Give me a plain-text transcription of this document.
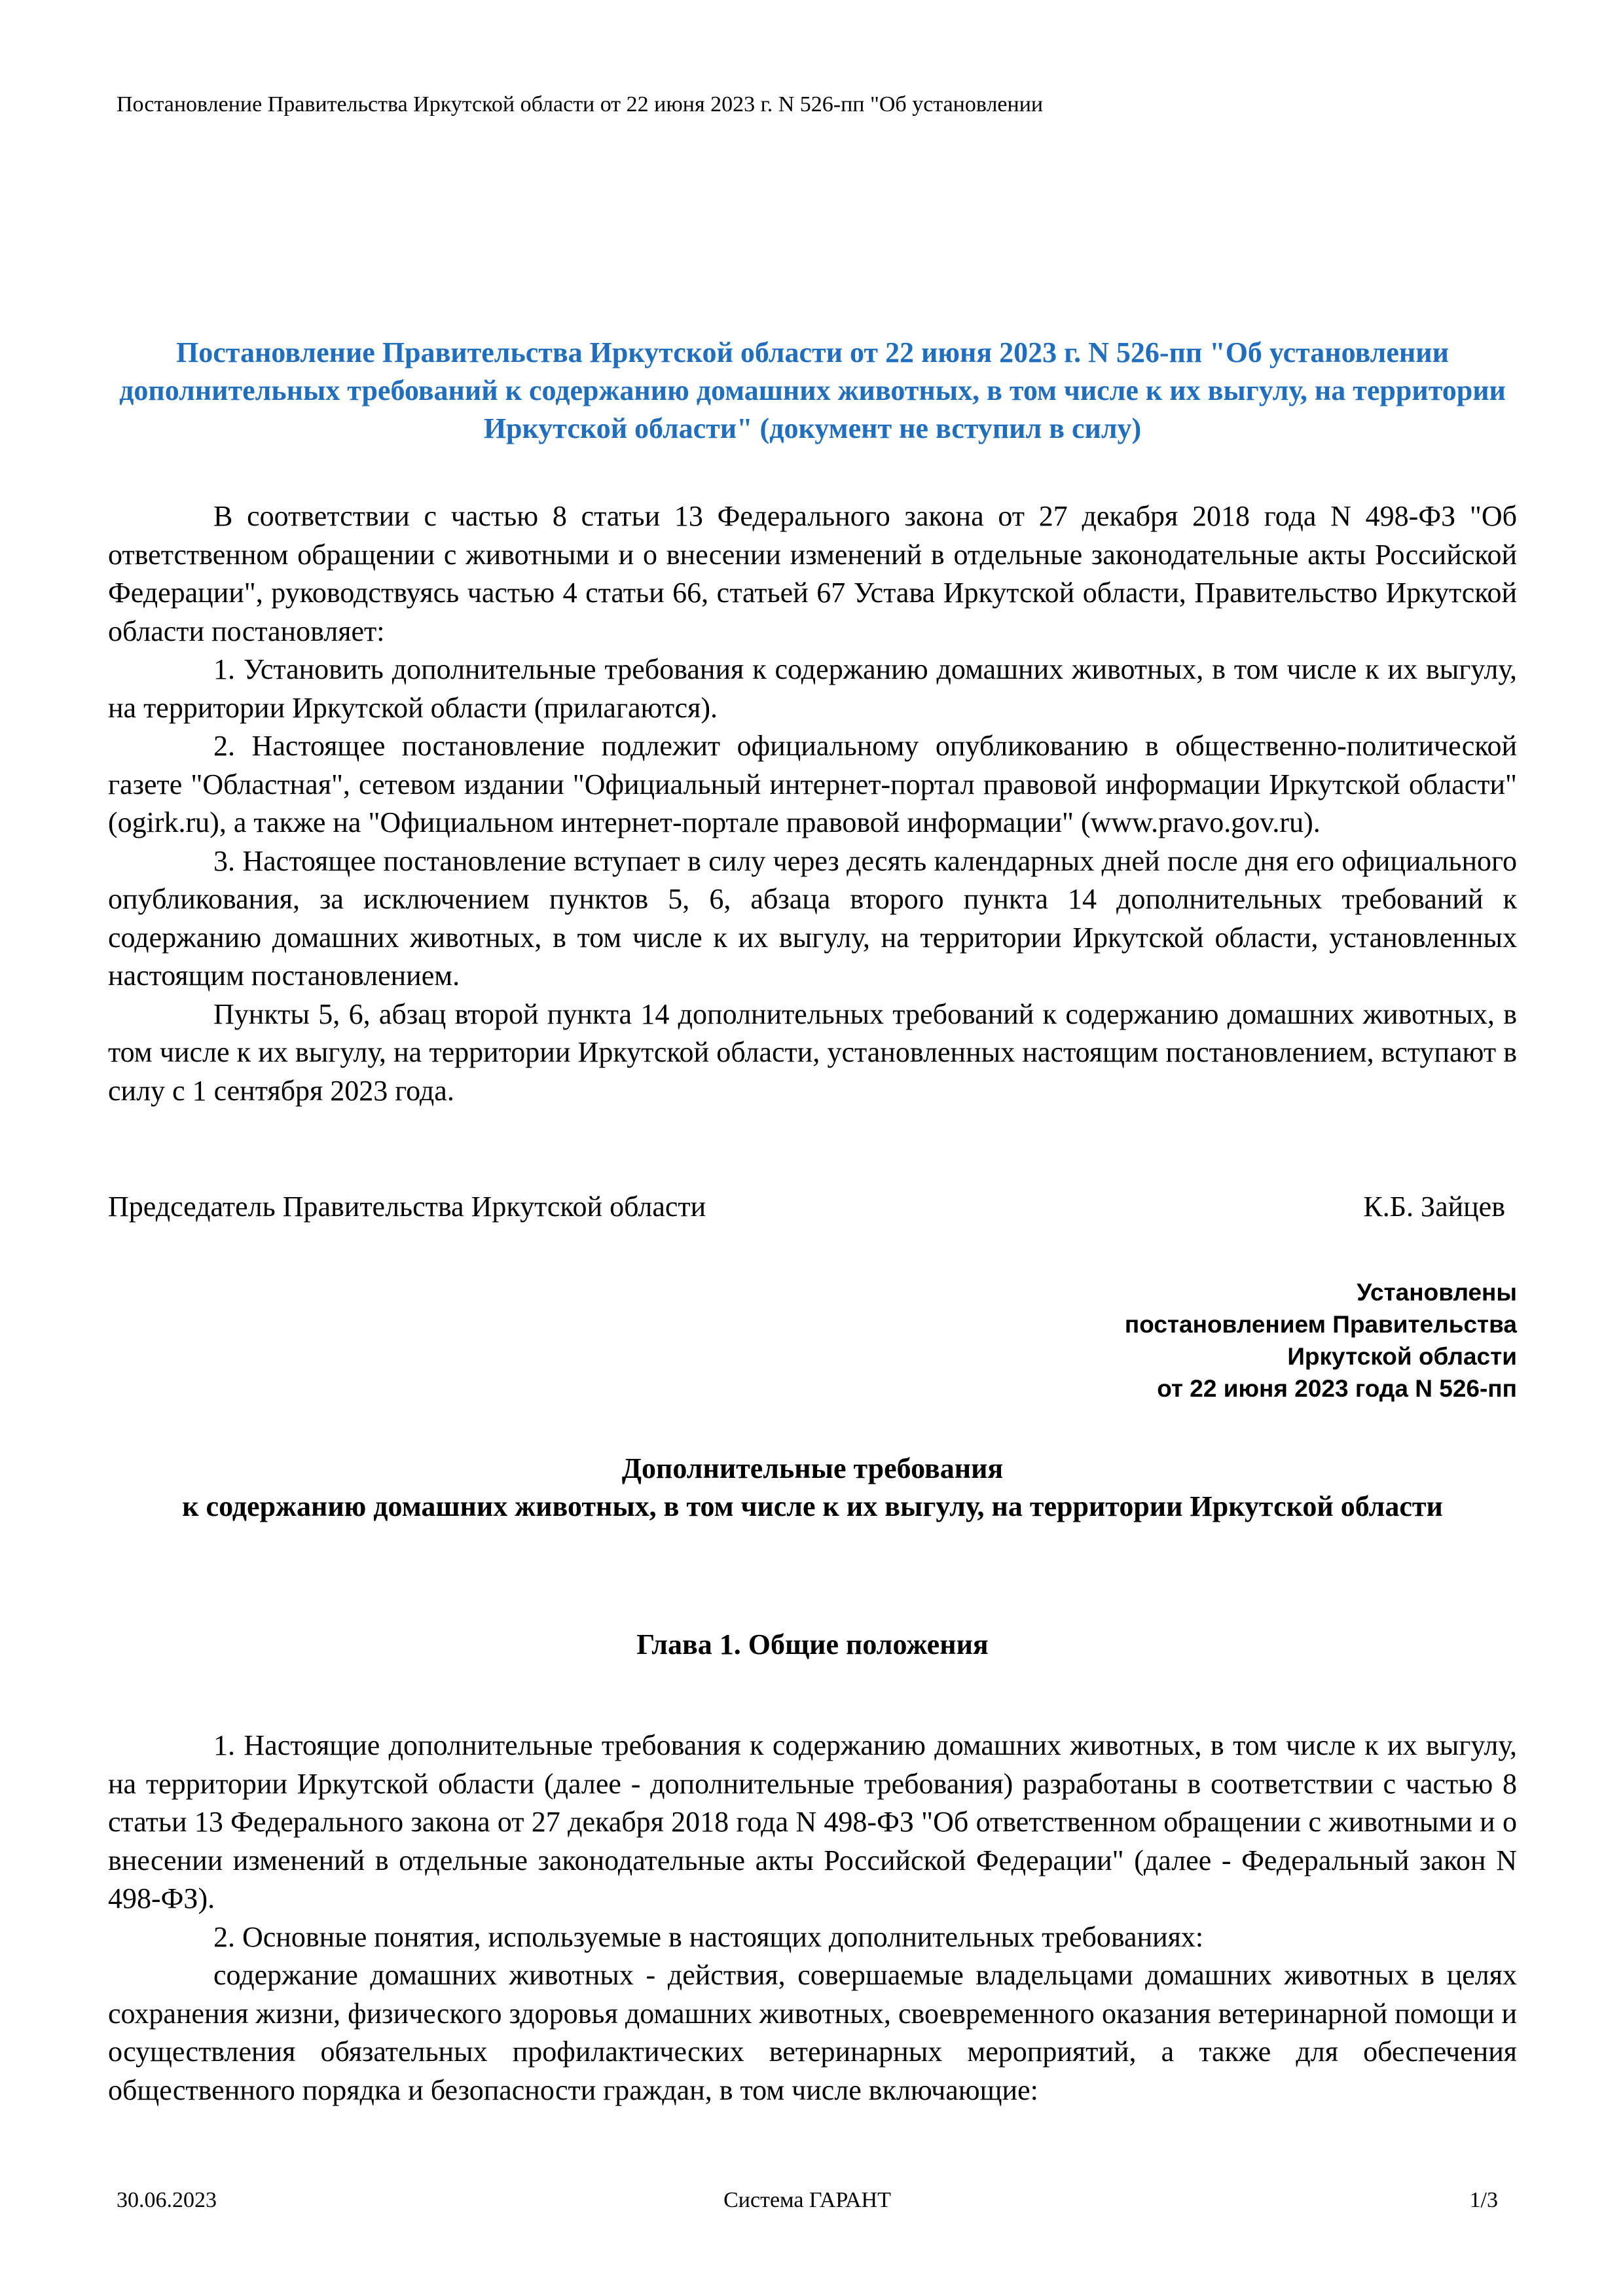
Постановление Правительства Иркутской области от 22 июня 2023 г. N 526-пп "Об установлении
Постановление Правительства Иркутской области от 22 июня 2023 г. N 526-пп "Об установлении дополнительных требований к содержанию домашних животных, в том числе к их выгулу, на территории Иркутской области" (документ не вступил в силу)

В соответствии с частью 8 статьи 13 Федерального закона от 27 декабря 2018 года N 498-ФЗ "Об ответственном обращении с животными и о внесении изменений в отдельные законодательные акты Российской Федерации", руководствуясь частью 4 статьи 66, статьей 67 Устава Иркутской области, Правительство Иркутской области постановляет:

1. Установить дополнительные требования к содержанию домашних животных, в том числе к их выгулу, на территории Иркутской области (прилагаются).

2. Настоящее постановление подлежит официальному опубликованию в общественно-политической газете "Областная", сетевом издании "Официальный интернет-портал правовой информации Иркутской области" (ogirk.ru), а также на "Официальном интернет-портале правовой информации" (www.pravo.gov.ru).

3. Настоящее постановление вступает в силу через десять календарных дней после дня его официального опубликования, за исключением пунктов 5, 6, абзаца второго пункта 14 дополнительных требований к содержанию домашних животных, в том числе к их выгулу, на территории Иркутской области, установленных настоящим постановлением.

Пункты 5, 6, абзац второй пункта 14 дополнительных требований к содержанию домашних животных, в том числе к их выгулу, на территории Иркутской области, установленных настоящим постановлением, вступают в силу с 1 сентября 2023 года.

Председатель Правительства Иркутской области	К.Б. Зайцев
Установлены
постановлением Правительства
Иркутской области
от 22 июня 2023 года N 526-пп
Дополнительные требования
к содержанию домашних животных, в том числе к их выгулу, на территории Иркутской области
Глава 1. Общие положения

1. Настоящие дополнительные требования к содержанию домашних животных, в том числе к их выгулу, на территории Иркутской области (далее - дополнительные требования) разработаны в соответствии с частью 8 статьи 13 Федерального закона от 27 декабря 2018 года N 498-ФЗ "Об ответственном обращении с животными и о внесении изменений в отдельные законодательные акты Российской Федерации" (далее - Федеральный закон N 498-ФЗ).

2. Основные понятия, используемые в настоящих дополнительных требованиях:

содержание домашних животных - действия, совершаемые владельцами домашних животных в целях сохранения жизни, физического здоровья домашних животных, своевременного оказания ветеринарной помощи и осуществления обязательных профилактических ветеринарных мероприятий, а также для обеспечения общественного порядка и безопасности граждан, в том числе включающие:

30.06.2023	Система ГАРАНТ	1/3
